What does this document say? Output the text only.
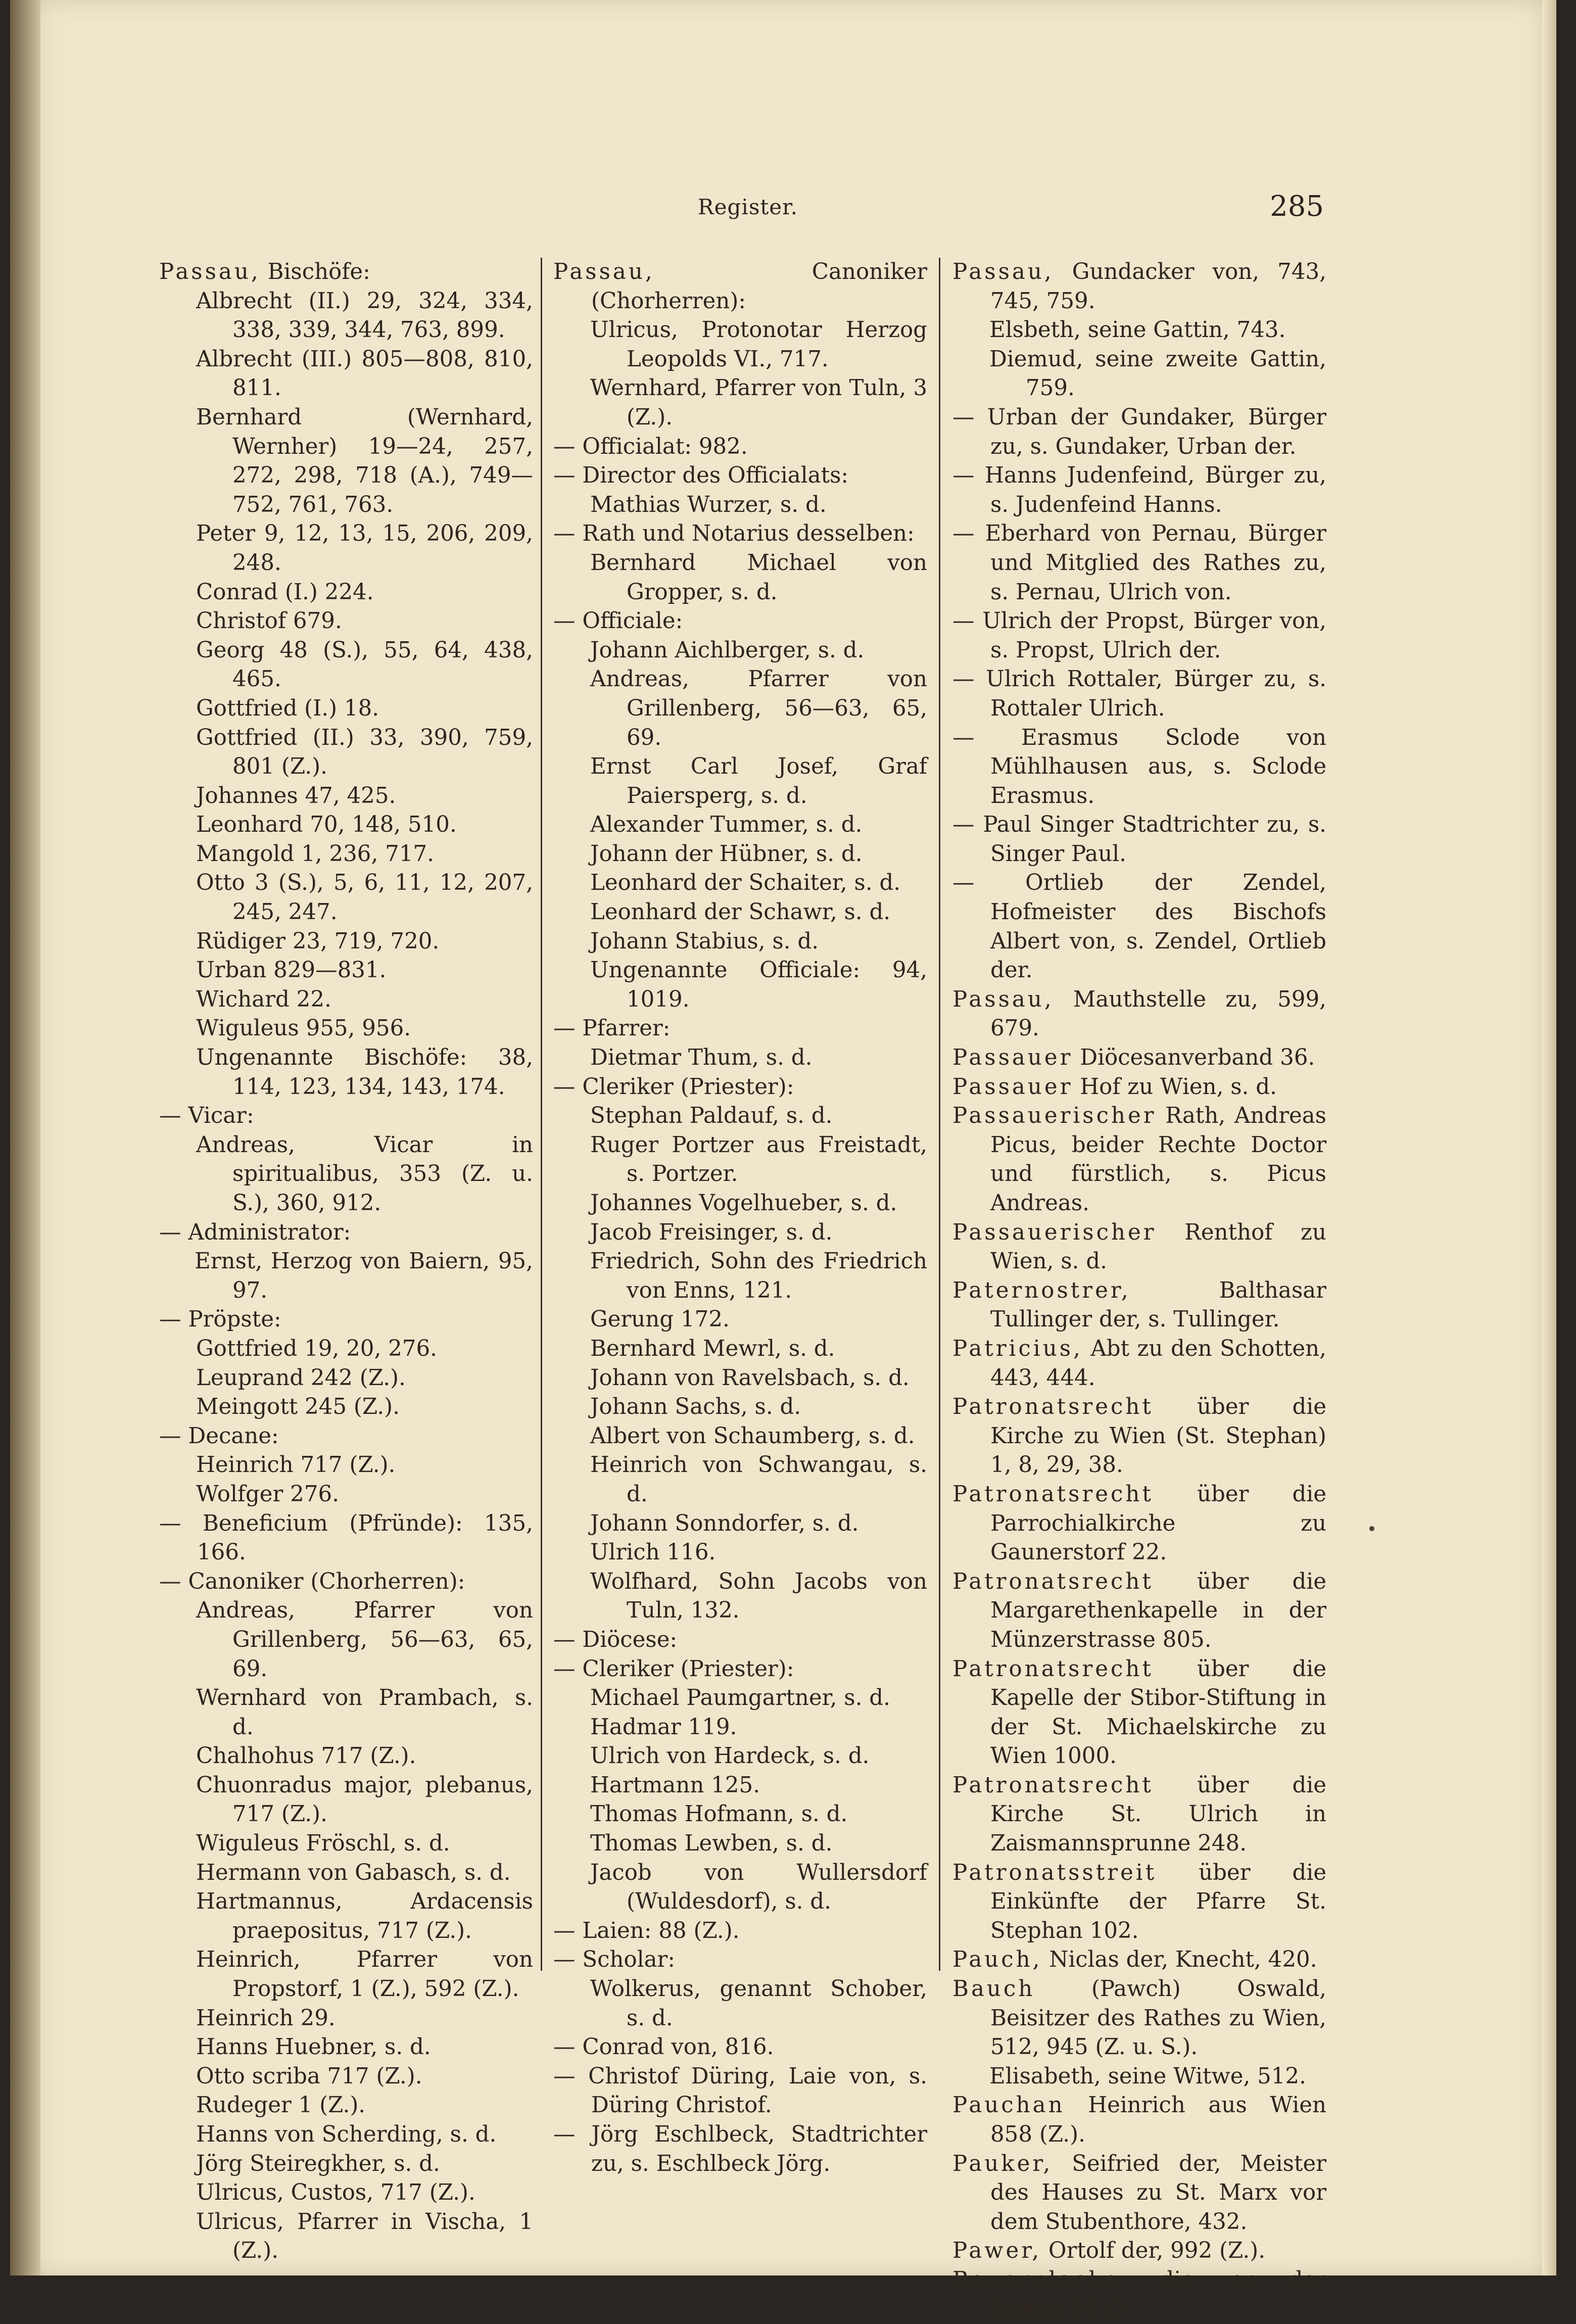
Register.	285
Passau, Bischöfe:
Albrecht (II.) 29, 324, 334, 338, 339, 344, 763, 899.
Albrecht (III.) 805—808, 810, 811.
Bernhard (Wernhard, Wernher) 19—24, 257, 272, 298, 718 (A.), 749—752, 761, 763.
Peter 9, 12, 13, 15, 206, 209, 248.
Conrad (I.) 224.
Christof 679.
Georg 48 (S.), 55, 64, 438, 465.
Gottfried (I.) 18.
Gottfried (II.) 33, 390, 759, 801 (Z.).
Johannes 47, 425.
Leonhard 70, 148, 510.
Mangold 1, 236, 717.
Otto 3 (S.), 5, 6, 11, 12, 207, 245, 247.
Rüdiger 23, 719, 720.
Urban 829—831.
Wichard 22.
Wiguleus 955, 956.
Ungenannte Bischöfe: 38, 114, 123, 134, 143, 174.
— Vicar:
Andreas, Vicar in spiritualibus, 353 (Z. u. S.), 360, 912.
— Administrator:
Ernst, Herzog von Baiern, 95, 97.
— Pröpste:
Gottfried 19, 20, 276.
Leuprand 242 (Z.).
Meingott 245 (Z.).
— Decane:
Heinrich 717 (Z.).
Wolfger 276.
— Beneficium (Pfründe): 135, 166.
— Canoniker (Chorherren):
Andreas, Pfarrer von Grillenberg, 56—63, 65, 69.
Wernhard von Prambach, s. d.
Chalhohus 717 (Z.).
Chuonradus major, plebanus, 717 (Z.).
Wiguleus Fröschl, s. d.
Hermann von Gabasch, s. d.
Hartmannus, Ardacensis praepositus, 717 (Z.).
Heinrich, Pfarrer von Propstorf, 1 (Z.), 592 (Z.).
Heinrich 29.
Hanns Huebner, s. d.
Otto scriba 717 (Z.).
Rudeger 1 (Z.).
Hanns von Scherding, s. d.
Jörg Steiregkher, s. d.
Ulricus, Custos, 717 (Z.).
Ulricus, Pfarrer in Vischa, 1 (Z.).
Passau, Canoniker (Chorherren):
Ulricus, Protonotar Herzog Leopolds VI., 717.
Wernhard, Pfarrer von Tuln, 3 (Z.).
— Officialat: 982.
— Director des Officialats:
Mathias Wurzer, s. d.
— Rath und Notarius desselben:
Bernhard Michael von Gropper, s. d.
— Officiale:
Johann Aichlberger, s. d.
Andreas, Pfarrer von Grillenberg, 56—63, 65, 69.
Ernst Carl Josef, Graf Paiersperg, s. d.
Alexander Tummer, s. d.
Johann der Hübner, s. d.
Leonhard der Schaiter, s. d.
Leonhard der Schawr, s. d.
Johann Stabius, s. d.
Ungenannte Officiale: 94, 1019.
— Pfarrer:
Dietmar Thum, s. d.
— Cleriker (Priester):
Stephan Paldauf, s. d.
Ruger Portzer aus Freistadt, s. Portzer.
Johannes Vogelhueber, s. d.
Jacob Freisinger, s. d.
Friedrich, Sohn des Friedrich von Enns, 121.
Gerung 172.
Bernhard Mewrl, s. d.
Johann von Ravelsbach, s. d.
Johann Sachs, s. d.
Albert von Schaumberg, s. d.
Heinrich von Schwangau, s. d.
Johann Sonndorfer, s. d.
Ulrich 116.
Wolfhard, Sohn Jacobs von Tuln, 132.
— Diöcese:
— Cleriker (Priester):
Michael Paumgartner, s. d.
Hadmar 119.
Ulrich von Hardeck, s. d.
Hartmann 125.
Thomas Hofmann, s. d.
Thomas Lewben, s. d.
Jacob von Wullersdorf (Wuldesdorf), s. d.
— Laien: 88 (Z.).
— Scholar:
Wolkerus, genannt Schober, s. d.
— Conrad von, 816.
— Christof Düring, Laie von, s. Düring Christof.
— Jörg Eschlbeck, Stadtrichter zu, s. Eschlbeck Jörg.
Passau, Gundacker von, 743, 745, 759.
Elsbeth, seine Gattin, 743.
Diemud, seine zweite Gattin, 759.
— Urban der Gundaker, Bürger zu, s. Gundaker, Urban der.
— Hanns Judenfeind, Bürger zu, s. Judenfeind Hanns.
— Eberhard von Pernau, Bürger und Mitglied des Rathes zu, s. Pernau, Ulrich von.
— Ulrich der Propst, Bürger von, s. Propst, Ulrich der.
— Ulrich Rottaler, Bürger zu, s. Rottaler Ulrich.
— Erasmus Sclode von Mühlhausen aus, s. Sclode Erasmus.
— Paul Singer Stadtrichter zu, s. Singer Paul.
— Ortlieb der Zendel, Hofmeister des Bischofs Albert von, s. Zendel, Ortlieb der.
Passau, Mauthstelle zu, 599, 679.
Passauer Diöcesanverband 36.
Passauer Hof zu Wien, s. d.
Passauerischer Rath, Andreas Picus, beider Rechte Doctor und fürstlich, s. Picus Andreas.
Passauerischer Renthof zu Wien, s. d.
Paternostrer, Balthasar Tullinger der, s. Tullinger.
Patricius, Abt zu den Schotten, 443, 444.
Patronatsrecht über die Kirche zu Wien (St. Stephan) 1, 8, 29, 38.
Patronatsrecht über die Parrochialkirche zu Gaunerstorf 22.
Patronatsrecht über die Margarethenkapelle in der Münzerstrasse 805.
Patronatsrecht über die Kapelle der Stibor-Stiftung in der St. Michaelskirche zu Wien 1000.
Patronatsrecht über die Kirche St. Ulrich in Zaismannsprunne 248.
Patronatsstreit über die Einkünfte der Pfarre St. Stephan 102.
Pauch, Niclas der, Knecht, 420.
Bauch (Pawch) Oswald, Beisitzer des Rathes zu Wien, 512, 945 (Z. u. S.).
Elisabeth, seine Witwe, 512.
Pauchan Heinrich aus Wien 858 (Z.).
Pauker, Seifried der, Meister des Hauses zu St. Marx vor dem Stubenthore, 432.
Pawer, Ortolf der, 992 (Z.).
Bauernlacke, die, an der Donau 1053.
